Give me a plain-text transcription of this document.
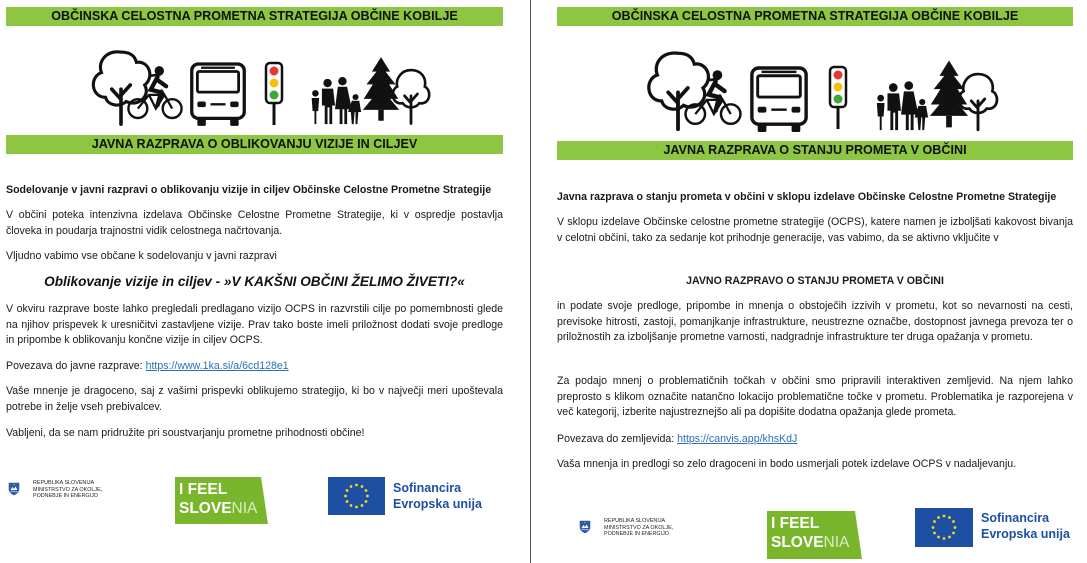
OBČINSKA CELOSTNA PROMETNA STRATEGIJA OBČINE KOBILJE
JAVNA RAZPRAVA O OBLIKOVANJU VIZIJE IN CILJEV
Sodelovanje v javni razpravi o oblikovanju vizije in ciljev Občinske Celostne Prometne Strategije
V občini poteka intenzivna izdelava Občinske Celostne Prometne Strategije, ki v ospredje postavlja človeka in poudarja trajnostni vidik celostnega načrtovanja.
Vljudno vabimo vse občane k sodelovanju v javni razpravi
Oblikovanje vizije in ciljev - »V KAKŠNI OBČINI ŽELIMO ŽIVETI?«
V okviru razprave boste lahko pregledali predlagano vizijo OCPS in razvrstili cilje po pomembnosti glede na njihov prispevek k uresničitvi zastavljene vizije. Prav tako boste imeli priložnost dodati svoje predloge in pripombe k oblikovanju končne vizije in ciljev OCPS.
Povezava do javne razprave: https://www.1ka.si/a/6cd128e1
Vaše mnenje je dragoceno, saj z vašimi prispevki oblikujemo strategijo, ki bo v največji meri upoštevala potrebe in želje vseh prebivalcev.
Vabljeni, da se nam pridružite pri soustvarjanju prometne prihodnosti občine!
REPUBLIKA SLOVENIJA
MINISTRSTVO ZA OKOLJE,
PODNEBJE IN ENERGIJO	I FEEL
SLOVENIA
Sofinancira
Evropska unija
OBČINSKA CELOSTNA PROMETNA STRATEGIJA OBČINE KOBILJE
JAVNA RAZPRAVA O STANJU PROMETA V OBČINI
Javna razprava o stanju prometa v občini v sklopu izdelave Občinske Celostne Prometne Strategije
V sklopu izdelave Občinske celostne prometne strategije (OCPS), katere namen je izboljšati kakovost bivanja v celotni občini, tako za sedanje kot prihodnje generacije, vas vabimo, da se aktivno vključite v
JAVNO RAZPRAVO O STANJU PROMETA V OBČINI
in podate svoje predloge, pripombe in mnenja o obstoječih izzivih v prometu, kot so nevarnosti na cesti, previsoke hitrosti, zastoji, pomanjkanje infrastrukture, neustrezne označbe, dostopnost javnega prevoza ter o priložnostih za izboljšanje prometne varnosti, nadgradnje infrastrukture ter druga opažanja v prometu.
Za podajo mnenj o problematičnih točkah v občini smo pripravili interaktiven zemljevid. Na njem lahko preprosto s klikom označite natančno lokacijo problematične točke v prometu. Problematika je razporejena v več kategorij, izberite najustreznejšo ali pa dopišite dodatna opažanja glede prometa.
Povezava do zemljevida: https://canvis.app/khsKdJ
Vaša mnenja in predlogi so zelo dragoceni in bodo usmerjali potek izdelave OCPS v nadaljevanju.
REPUBLIKA SLOVENIJA
MINISTRSTVO ZA OKOLJE,
PODNEBJE IN ENERGIJO
I FEEL
SLOVENIA
Sofinancira
Evropska unija
